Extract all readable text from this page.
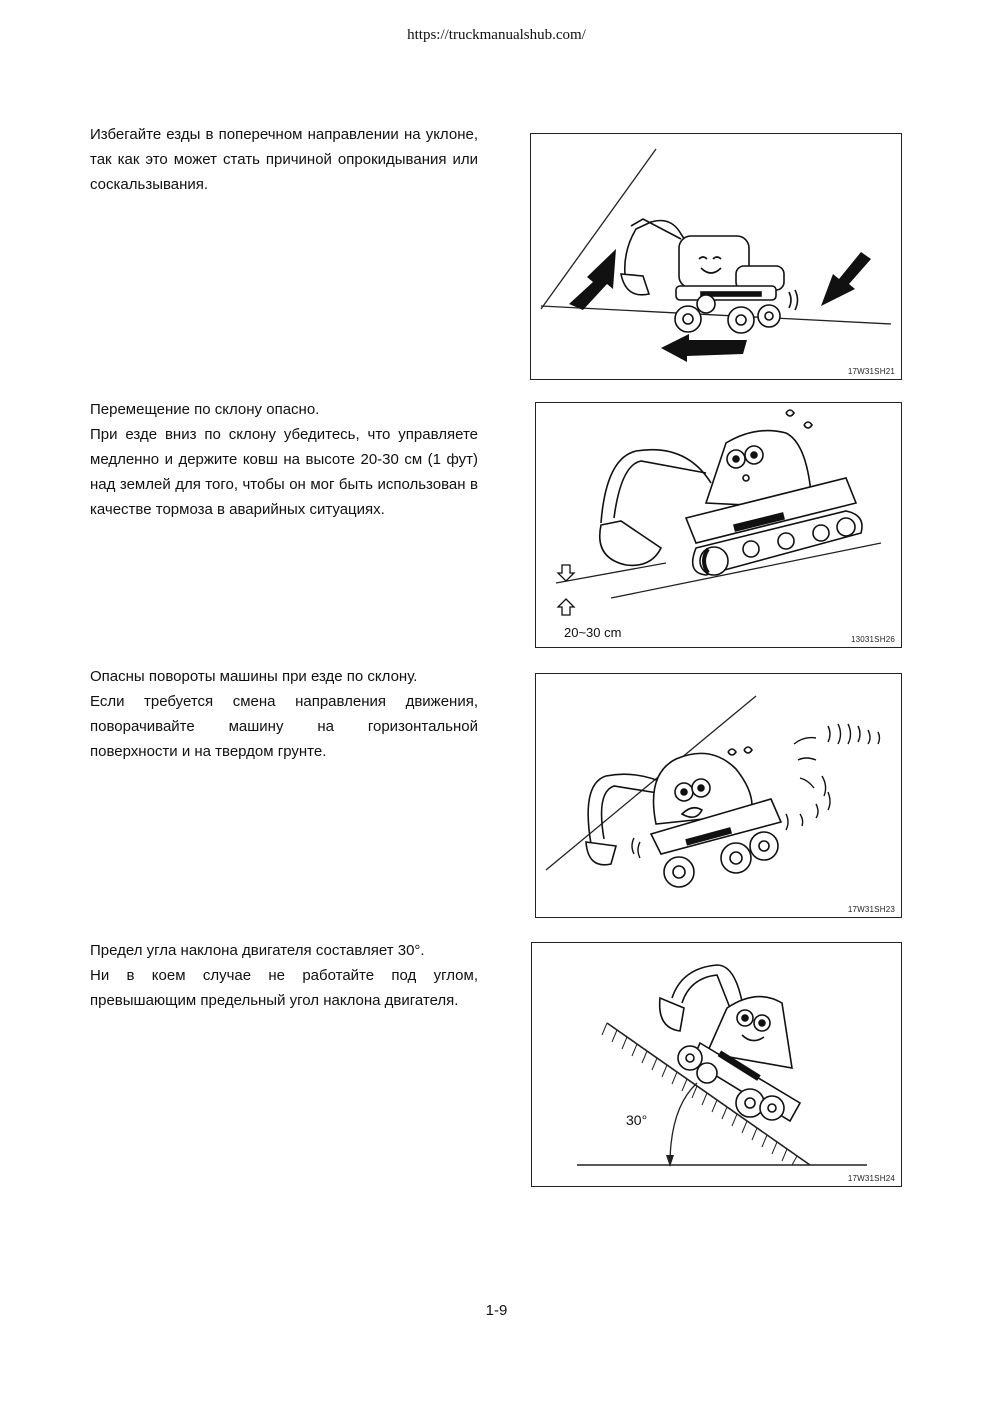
https://truckmanualshub.com/

Избегайте езды в поперечном направлении на уклоне, так как это может стать причиной опрокидывания или соскальзывания.

17W31SH21

Перемещение по склону опасно.

При езде вниз по склону убедитесь, что управляете медленно и держите ковш на высоте 20-30 см (1 фут) над землей для того, чтобы он мог быть использован в качестве тормоза в аварийных ситуациях.

20~30 cm	13031SH26

Опасны повороты машины при езде по склону.

Если требуется смена направления движения, поворачивайте машину на горизонтальной поверхности и на твердом грунте.

17W31SH23

Предел угла наклона двигателя составляет 30°.

Ни в коем случае не работайте под углом, превышающим предельный угол наклона двигателя.

30°
17W31SH24
1-9
